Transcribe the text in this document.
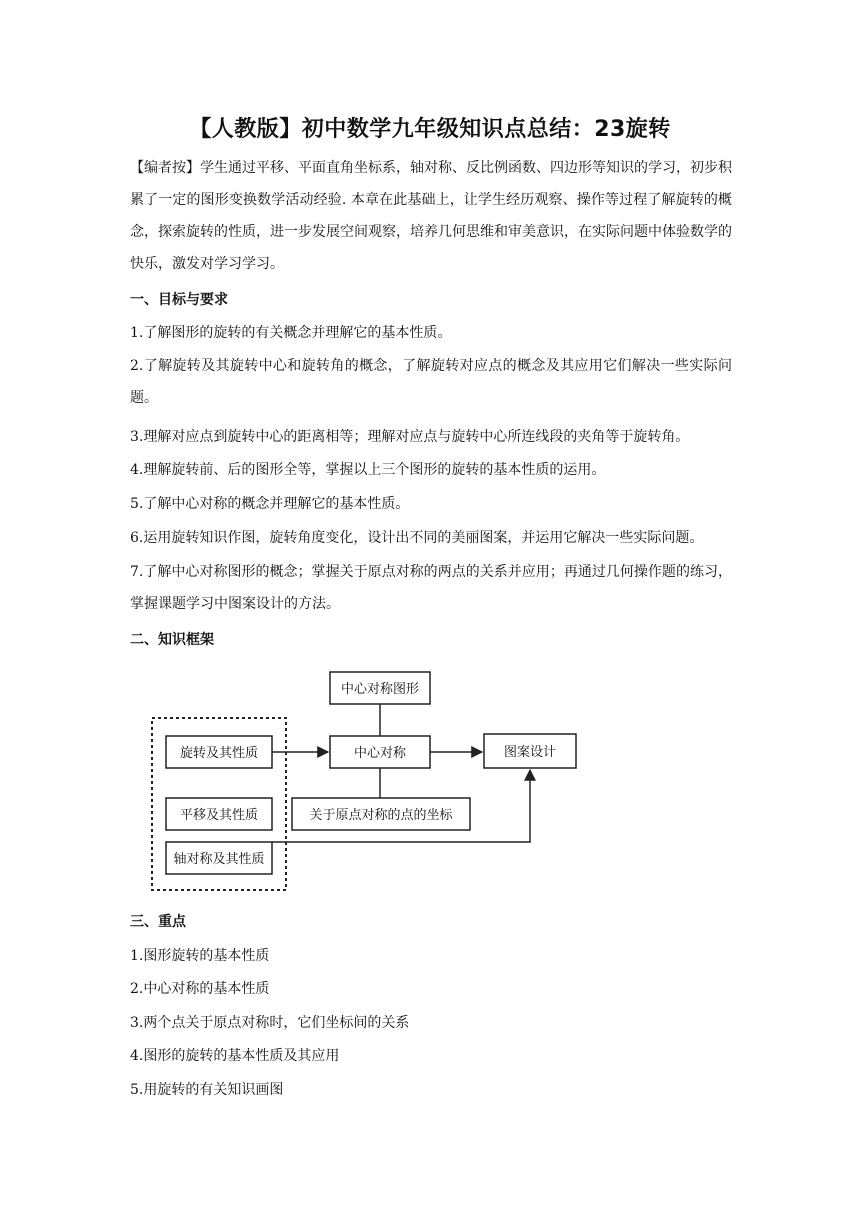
【人教版】初中数学九年级知识点总结：23旋转
【编者按】学生通过平移、平面直角坐标系，轴对称、反比例函数、四边形等知识的学习，初步积累了一定的图形变换数学活动经验. 本章在此基础上，让学生经历观察、操作等过程了解旋转的概念，探索旋转的性质，进一步发展空间观察，培养几何思维和审美意识，在实际问题中体验数学的快乐，激发对学习学习。
一、目标与要求
1.了解图形的旋转的有关概念并理解它的基本性质。
2.了解旋转及其旋转中心和旋转角的概念，了解旋转对应点的概念及其应用它们解决一些实际问题。
3.理解对应点到旋转中心的距离相等；理解对应点与旋转中心所连线段的夹角等于旋转角。
4.理解旋转前、后的图形全等，掌握以上三个图形的旋转的基本性质的运用。
5.了解中心对称的概念并理解它的基本性质。
6.运用旋转知识作图，旋转角度变化，设计出不同的美丽图案，并运用它解决一些实际问题。
7.了解中心对称图形的概念；掌握关于原点对称的两点的关系并应用；再通过几何操作题的练习，掌握课题学习中图案设计的方法。
二、知识框架
旋转及其性质
平移及其性质
轴对称及其性质
中心对称图形
中心对称
关于原点对称的点的坐标
图案设计
三、重点
1.图形旋转的基本性质
2.中心对称的基本性质
3.两个点关于原点对称时，它们坐标间的关系
4.图形的旋转的基本性质及其应用
5.用旋转的有关知识画图
